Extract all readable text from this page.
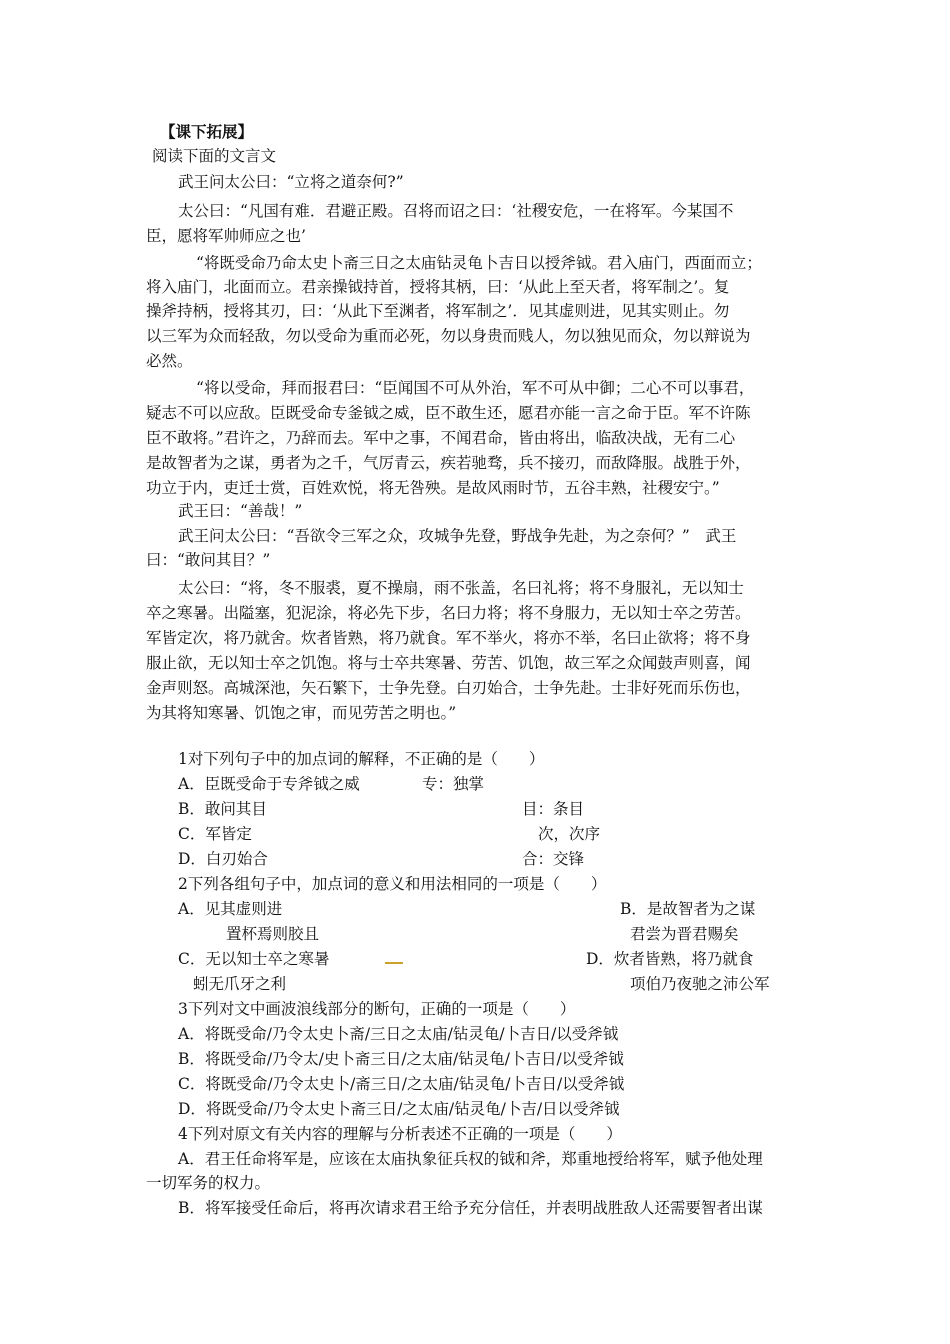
【课下拓展】
阅读下面的文言文
武王问太公曰：“立将之道奈何?”
太公曰：“凡国有难．君避正殿。召将而诏之曰：‘社稷安危，一在将军。今某国不
臣，愿将军帅师应之也’
“将既受命乃命太史卜斋三日之太庙钻灵龟卜吉日以授斧钺。君入庙门，西面而立；
将入庙门，北面而立。君亲操钺持首，授将其柄，曰：‘从此上至天者，将军制之’。复
操斧持柄，授将其刃，曰：‘从此下至渊者，将军制之’．见其虚则进，见其实则止。勿
以三军为众而轻敌，勿以受命为重而必死，勿以身贵而贱人，勿以独见而众，勿以辩说为
必然。
“将以受命，拜而报君曰：“臣闻国不可从外治，军不可从中御；二心不可以事君，
疑志不可以应敌。臣既受命专釜钺之威，臣不敢生还，愿君亦能一言之命于臣。军不许陈
臣不敢将。”君许之，乃辞而去。军中之事，不闻君命，皆由将出，临敌决战，无有二心
是故智者为之谋，勇者为之千，气厉青云，疾若驰骛，兵不接刃，而敌降服。战胜于外，
功立于内，吏迁士赏，百姓欢悦，将无咎殃。是故风雨时节，五谷丰熟，社稷安宁。”
武王曰：“善哉！”
武王问太公曰：“吾欲令三军之众，攻城争先登，野战争先赴，为之奈何？”　武王
曰：“敢问其目？”
太公曰：“将，冬不服裘，夏不操扇，雨不张盖，名曰礼将；将不身服礼，无以知士
卒之寒暑。出隘塞，犯泥涂，将必先下步，名曰力将；将不身服力，无以知士卒之劳苦。
军皆定次，将乃就舍。炊者皆熟，将乃就食。军不举火，将亦不举，名曰止欲将；将不身
服止欲，无以知士卒之饥饱。将与士卒共寒暑、劳苦、饥饱，故三军之众闻鼓声则喜，闻
金声则怒。高城深池，矢石繁下，士争先登。白刃始合，士争先赴。士非好死而乐伤也，
为其将知寒暑、饥饱之审，而见劳苦之明也。”
1对下列句子中的加点词的解释，不正确的是（　　）
A．臣既受命于专斧钺之威	专：独掌
B．敢问其目	目：条目
C．军皆定	次，次序
D．白刃始合	合：交锋
2下列各组句子中，加点词的意义和用法相同的一项是（　　）
A．见其虚则进	B．是故智者为之谋
置杯焉则胶且	君尝为晋君赐矣
C．无以知士卒之寒暑	D．炊者皆熟，将乃就食
蚓无爪牙之利	项伯乃夜驰之沛公军
3下列对文中画波浪线部分的断句，正确的一项是（　　）
A．将既受命/乃令太史卜斋/三日之太庙/钻灵龟/卜吉日/以受斧钺
B．将既受命/乃令太/史卜斋三日/之太庙/钻灵龟/卜吉日/以受斧钺
C．将既受命/乃令太史卜/斋三日/之太庙/钻灵龟/卜吉日/以受斧钺
D．将既受命/乃令太史卜斋三日/之太庙/钻灵龟/卜吉/日以受斧钺
4下列对原文有关内容的理解与分析表述不正确的一项是（　　）
A．君王任命将军是，应该在太庙执象征兵权的钺和斧，郑重地授给将军，赋予他处理
一切军务的权力。
B．将军接受任命后，将再次请求君王给予充分信任，并表明战胜敌人还需要智者出谋
